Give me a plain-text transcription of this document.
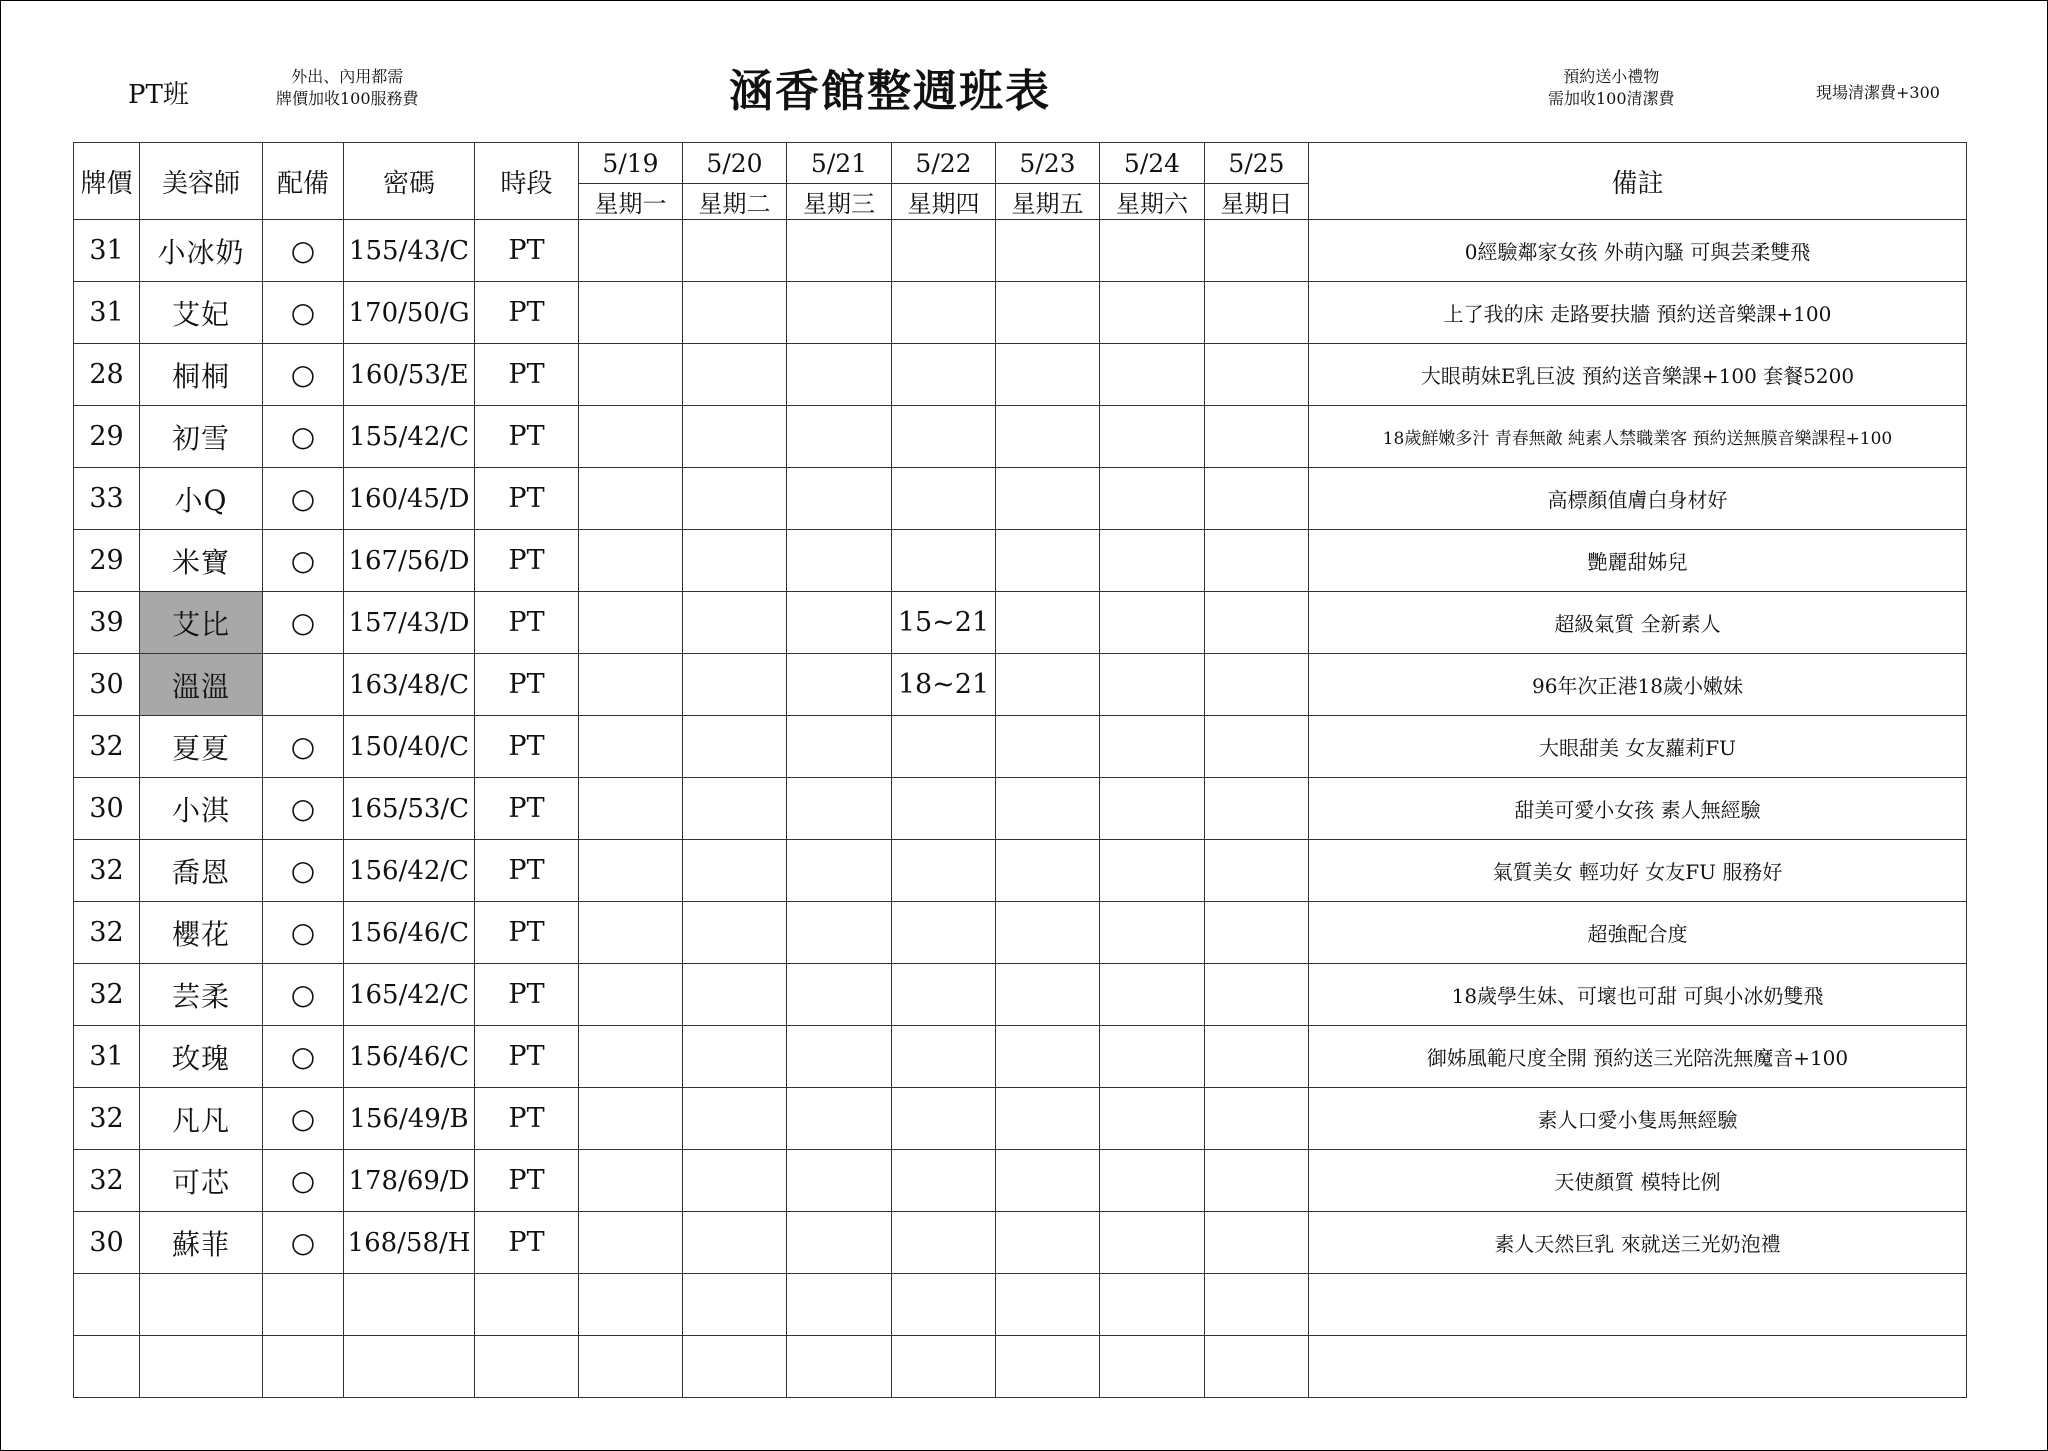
PT班
外出、內用都需
牌價加收100服務費	涵香館整週班表	預約送小禮物
需加收100清潔費	現場清潔費+300
牌價	美容師	配備	密碼	時段	5/19	5/20	5/21	5/22	5/23	5/24	5/25	備註
					星期一	星期二	星期三	星期四	星期五	星期六	星期日	
31	小冰奶	○	155/43/C	PT								0經驗鄰家女孩 外萌內騷 可與芸柔雙飛
31	艾妃	○	170/50/G	PT								上了我的床 走路要扶牆 預約送音樂課+100
28	桐桐	○	160/53/E	PT								大眼萌妹E乳巨波 預約送音樂課+100 套餐5200
29	初雪	○	155/42/C	PT								18歲鮮嫩多汁 青春無敵 純素人禁職業客 預約送無膜音樂課程+100
33	小Q	○	160/45/D	PT								高標顏值膚白身材好
29	米寶	○	167/56/D	PT								艷麗甜姊兒
39	艾比	○	157/43/D	PT				15~21				超級氣質 全新素人
30	溫溫		163/48/C	PT				18~21				96年次正港18歲小嫩妹
32	夏夏	○	150/40/C	PT								大眼甜美 女友蘿莉FU
30	小淇	○	165/53/C	PT								甜美可愛小女孩 素人無經驗
32	喬恩	○	156/42/C	PT								氣質美女 輕功好 女友FU 服務好
32	櫻花	○	156/46/C	PT								超強配合度
32	芸柔	○	165/42/C	PT								18歲學生妹、可壞也可甜 可與小冰奶雙飛
31	玫瑰	○	156/46/C	PT								御姊風範尺度全開 預約送三光陪洗無魔音+100
32	凡凡	○	156/49/B	PT								素人口愛小隻馬無經驗
32	可芯	○	178/69/D	PT								天使顏質 模特比例
30	蘇菲	○	168/58/H	PT								素人天然巨乳 來就送三光奶泡禮
